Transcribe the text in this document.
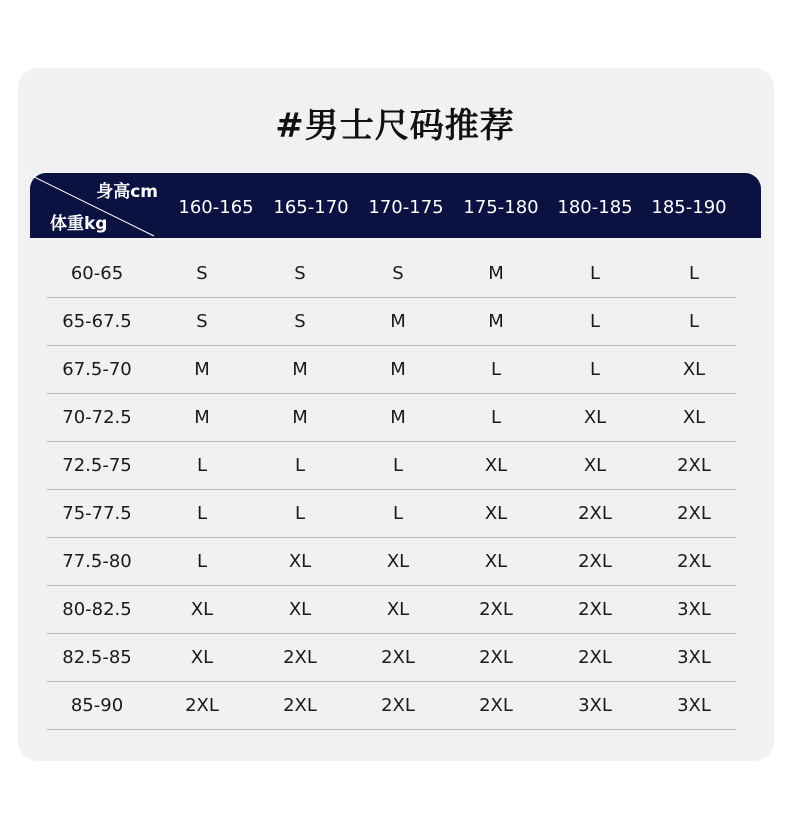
#男士尺码推荐
身高cm
体重kg
160-165	165-170	170-175	175-180	180-185	185-190
60-65	S	S	S	M	L	L
65-67.5	S	S	M	M	L	L
67.5-70	M	M	M	L	L	XL
70-72.5	M	M	M	L	XL	XL
72.5-75	L	L	L	XL	XL	2XL
75-77.5	L	L	L	XL	2XL	2XL
77.5-80	L	XL	XL	XL	2XL	2XL
80-82.5	XL	XL	XL	2XL	2XL	3XL
82.5-85	XL	2XL	2XL	2XL	2XL	3XL
85-90	2XL	2XL	2XL	2XL	3XL	3XL
